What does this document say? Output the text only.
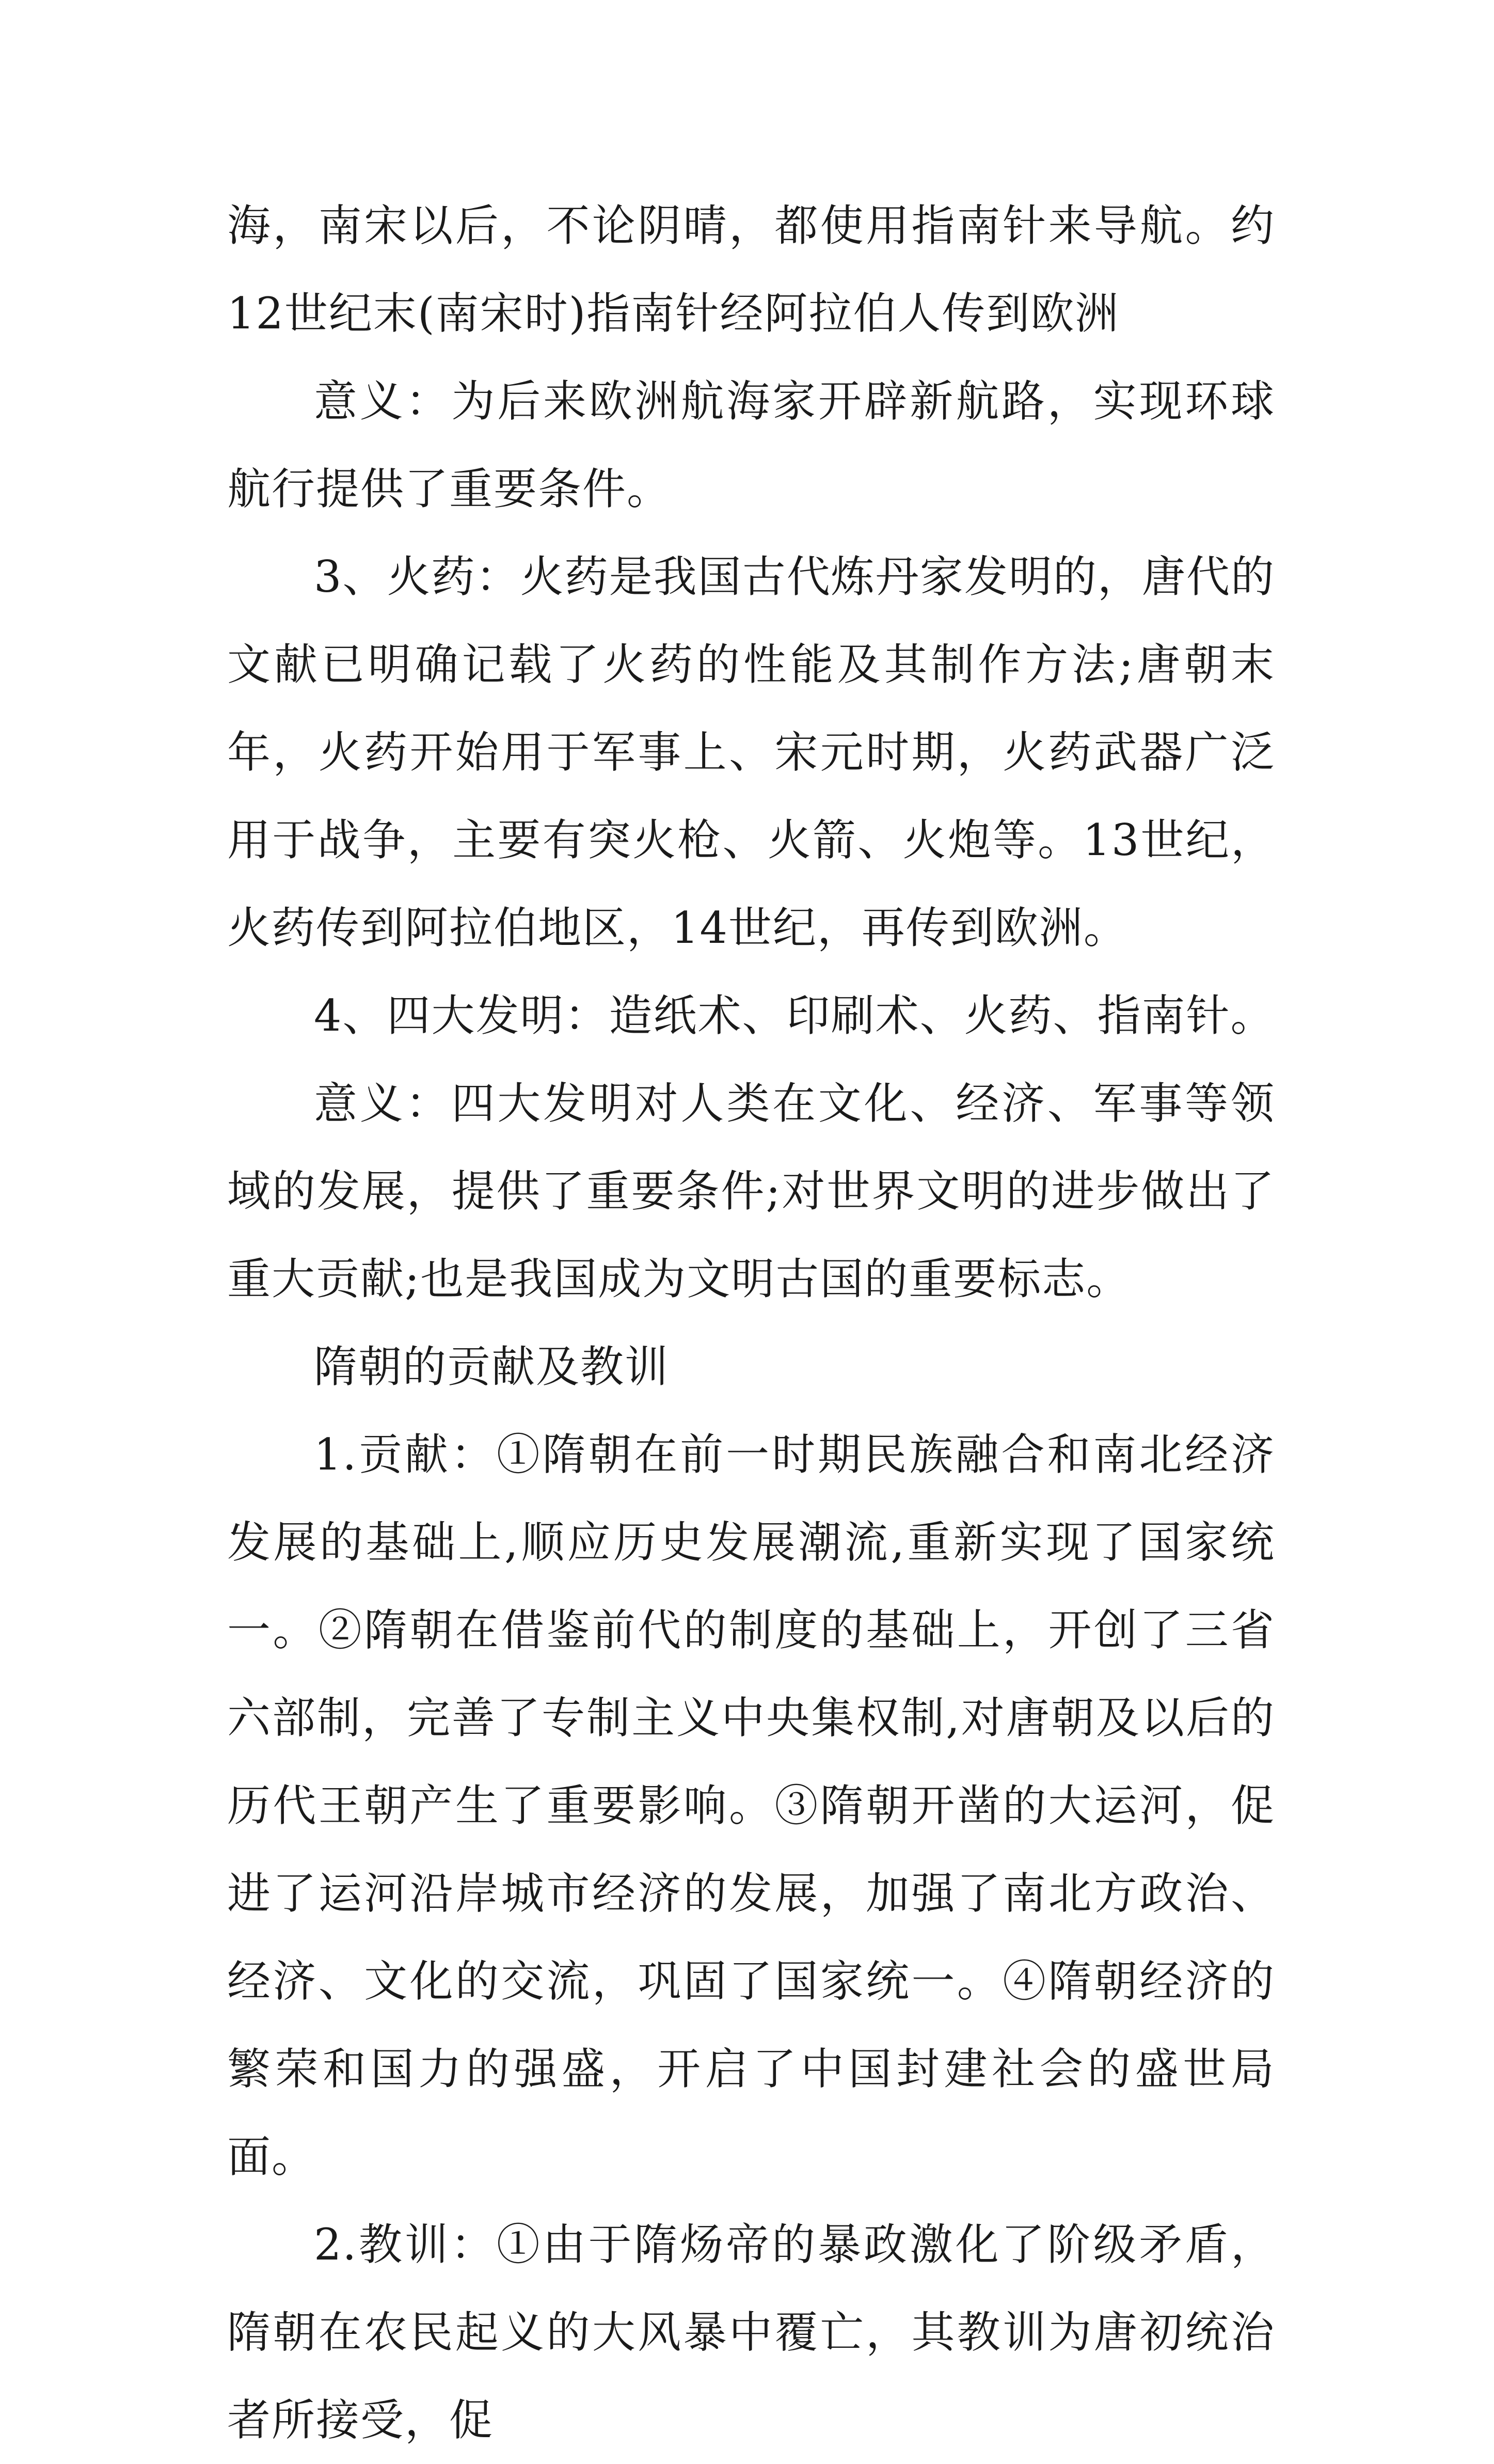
海，南宋以后，不论阴晴，都使用指南针来导航。约12世纪末(南宋时)指南针经阿拉伯人传到欧洲

意义：为后来欧洲航海家开辟新航路，实现环球航行提供了重要条件。

3、火药：火药是我国古代炼丹家发明的，唐代的文献已明确记载了火药的性能及其制作方法;唐朝末年，火药开始用于军事上、宋元时期，火药武器广泛用于战争，主要有突火枪、火箭、火炮等。13世纪，火药传到阿拉伯地区，14世纪，再传到欧洲。

4、四大发明：造纸术、印刷术、火药、指南针。

意义：四大发明对人类在文化、经济、军事等领域的发展，提供了重要条件;对世界文明的进步做出了重大贡献;也是我国成为文明古国的重要标志。

隋朝的贡献及教训

1.贡献：①隋朝在前一时期民族融合和南北经济发展的基础上,顺应历史发展潮流,重新实现了国家统一。②隋朝在借鉴前代的制度的基础上，开创了三省六部制，完善了专制主义中央集权制,对唐朝及以后的历代王朝产生了重要影响。③隋朝开凿的大运河，促进了运河沿岸城市经济的发展，加强了南北方政治、经济、文化的交流，巩固了国家统一。④隋朝经济的繁荣和国力的强盛，开启了中国封建社会的盛世局面。

2.教训：①由于隋炀帝的暴政激化了阶级矛盾，隋朝在农民起义的大风暴中覆亡，其教训为唐初统治者所接受，促
